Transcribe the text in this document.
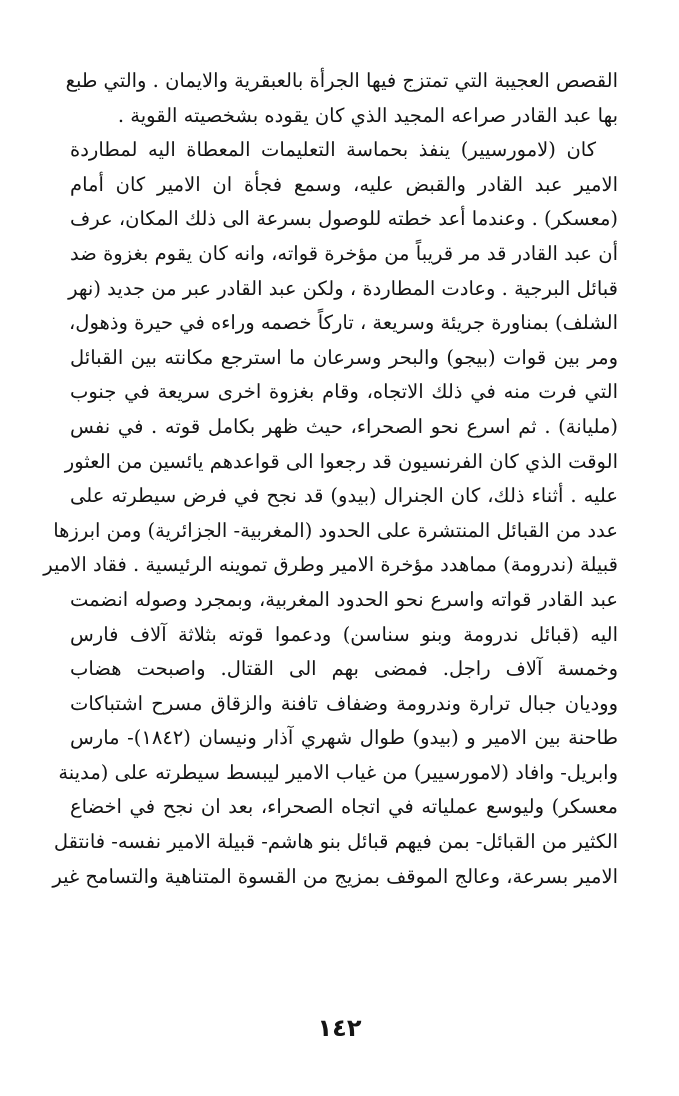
القصص العجيبة التي تمتزج فيها الجرأة بالعبقرية والايمان . والتي طبع
بها عبد القادر صراعه المجيد الذي كان يقوده بشخصيته القوية .
كان (لامورسيير) ينفذ بحماسة التعليمات المعطاة اليه لمطاردة
الامير عبد القادر والقبض عليه، وسمع فجأة ان الامير كان أمام
(معسكر) . وعندما أعد خطته للوصول بسرعة الى ذلك المكان، عرف
أن عبد القادر قد مر قريباً من مؤخرة قواته، وانه كان يقوم بغزوة ضد
قبائل البرجية . وعادت المطاردة ، ولكن عبد القادر عبر من جديد (نهر
الشلف) بمناورة جريئة وسريعة ، تاركاً خصمه وراءه في حيرة وذهول،
ومر بين قوات (بيجو) والبحر وسرعان ما استرجع مكانته بين القبائل
التي فرت منه في ذلك الاتجاه، وقام بغزوة اخرى سريعة في جنوب
(مليانة) . ثم اسرع نحو الصحراء، حيث ظهر بكامل قوته . في نفس
الوقت الذي كان الفرنسيون قد رجعوا الى قواعدهم يائسين من العثور
عليه . أثناء ذلك، كان الجنرال (بيدو) قد نجح في فرض سيطرته على
عدد من القبائل المنتشرة على الحدود (المغربية- الجزائرية) ومن ابرزها
قبيلة (ندرومة) مماهدد مؤخرة الامير وطرق تموينه الرئيسية . فقاد الامير
عبد القادر قواته واسرع نحو الحدود المغربية، وبمجرد وصوله انضمت
اليه (قبائل ندرومة وبنو سناسن) ودعموا قوته بثلاثة آلاف فارس
وخمسة آلاف راجل. فمضى بهم الى القتال. واصبحت هضاب
ووديان جبال ترارة وندرومة وضفاف تافنة والزقاق مسرح اشتباكات
طاحنة بين الامير و (بيدو) طوال شهري آذار ونيسان (١٨٤٢)- مارس
وابريل- وافاد (لامورسيير) من غياب الامير ليبسط سيطرته على (مدينة
معسكر) وليوسع عملياته في اتجاه الصحراء، بعد ان نجح في اخضاع
الكثير من القبائل- بمن فيهم قبائل بنو هاشم- قبيلة الامير نفسه- فانتقل
الامير بسرعة، وعالج الموقف بمزيج من القسوة المتناهية والتسامح غير
١٤٢
